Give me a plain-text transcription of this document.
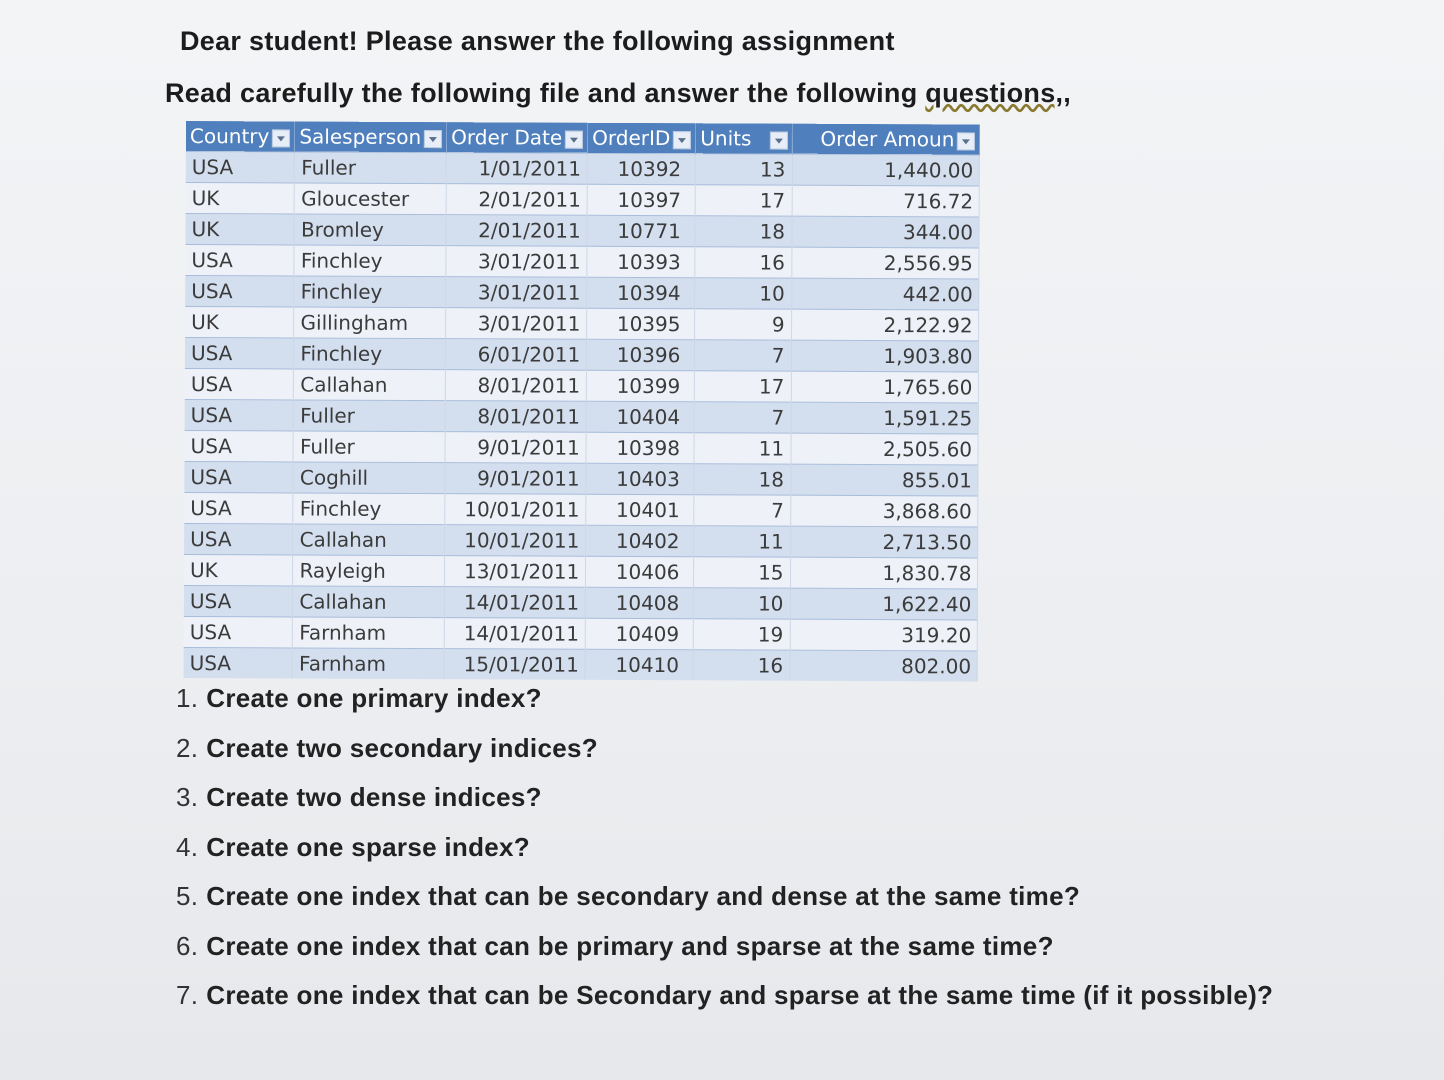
Dear student! Please answer the following assignment
Read carefully the following file and answer the following questions,,
Country	Salesperson	Order Date	OrderID	Units	Order Amoun
USA	Fuller	1/01/2011	10392	13	1,440.00
UK	Gloucester	2/01/2011	10397	17	716.72
UK	Bromley	2/01/2011	10771	18	344.00
USA	Finchley	3/01/2011	10393	16	2,556.95
USA	Finchley	3/01/2011	10394	10	442.00
UK	Gillingham	3/01/2011	10395	9	2,122.92
USA	Finchley	6/01/2011	10396	7	1,903.80
USA	Callahan	8/01/2011	10399	17	1,765.60
USA	Fuller	8/01/2011	10404	7	1,591.25
USA	Fuller	9/01/2011	10398	11	2,505.60
USA	Coghill	9/01/2011	10403	18	855.01
USA	Finchley	10/01/2011	10401	7	3,868.60
USA	Callahan	10/01/2011	10402	11	2,713.50
UK	Rayleigh	13/01/2011	10406	15	1,830.78
USA	Callahan	14/01/2011	10408	10	1,622.40
USA	Farnham	14/01/2011	10409	19	319.20
USA	Farnham	15/01/2011	10410	16	802.00
1. Create one primary index?
2. Create two secondary indices?
3. Create two dense indices?
4. Create one sparse index?
5. Create one index that can be secondary and dense at the same time?
6. Create one index that can be primary and sparse at the same time?
7. Create one index that can be Secondary and sparse at the same time (if it possible)?
